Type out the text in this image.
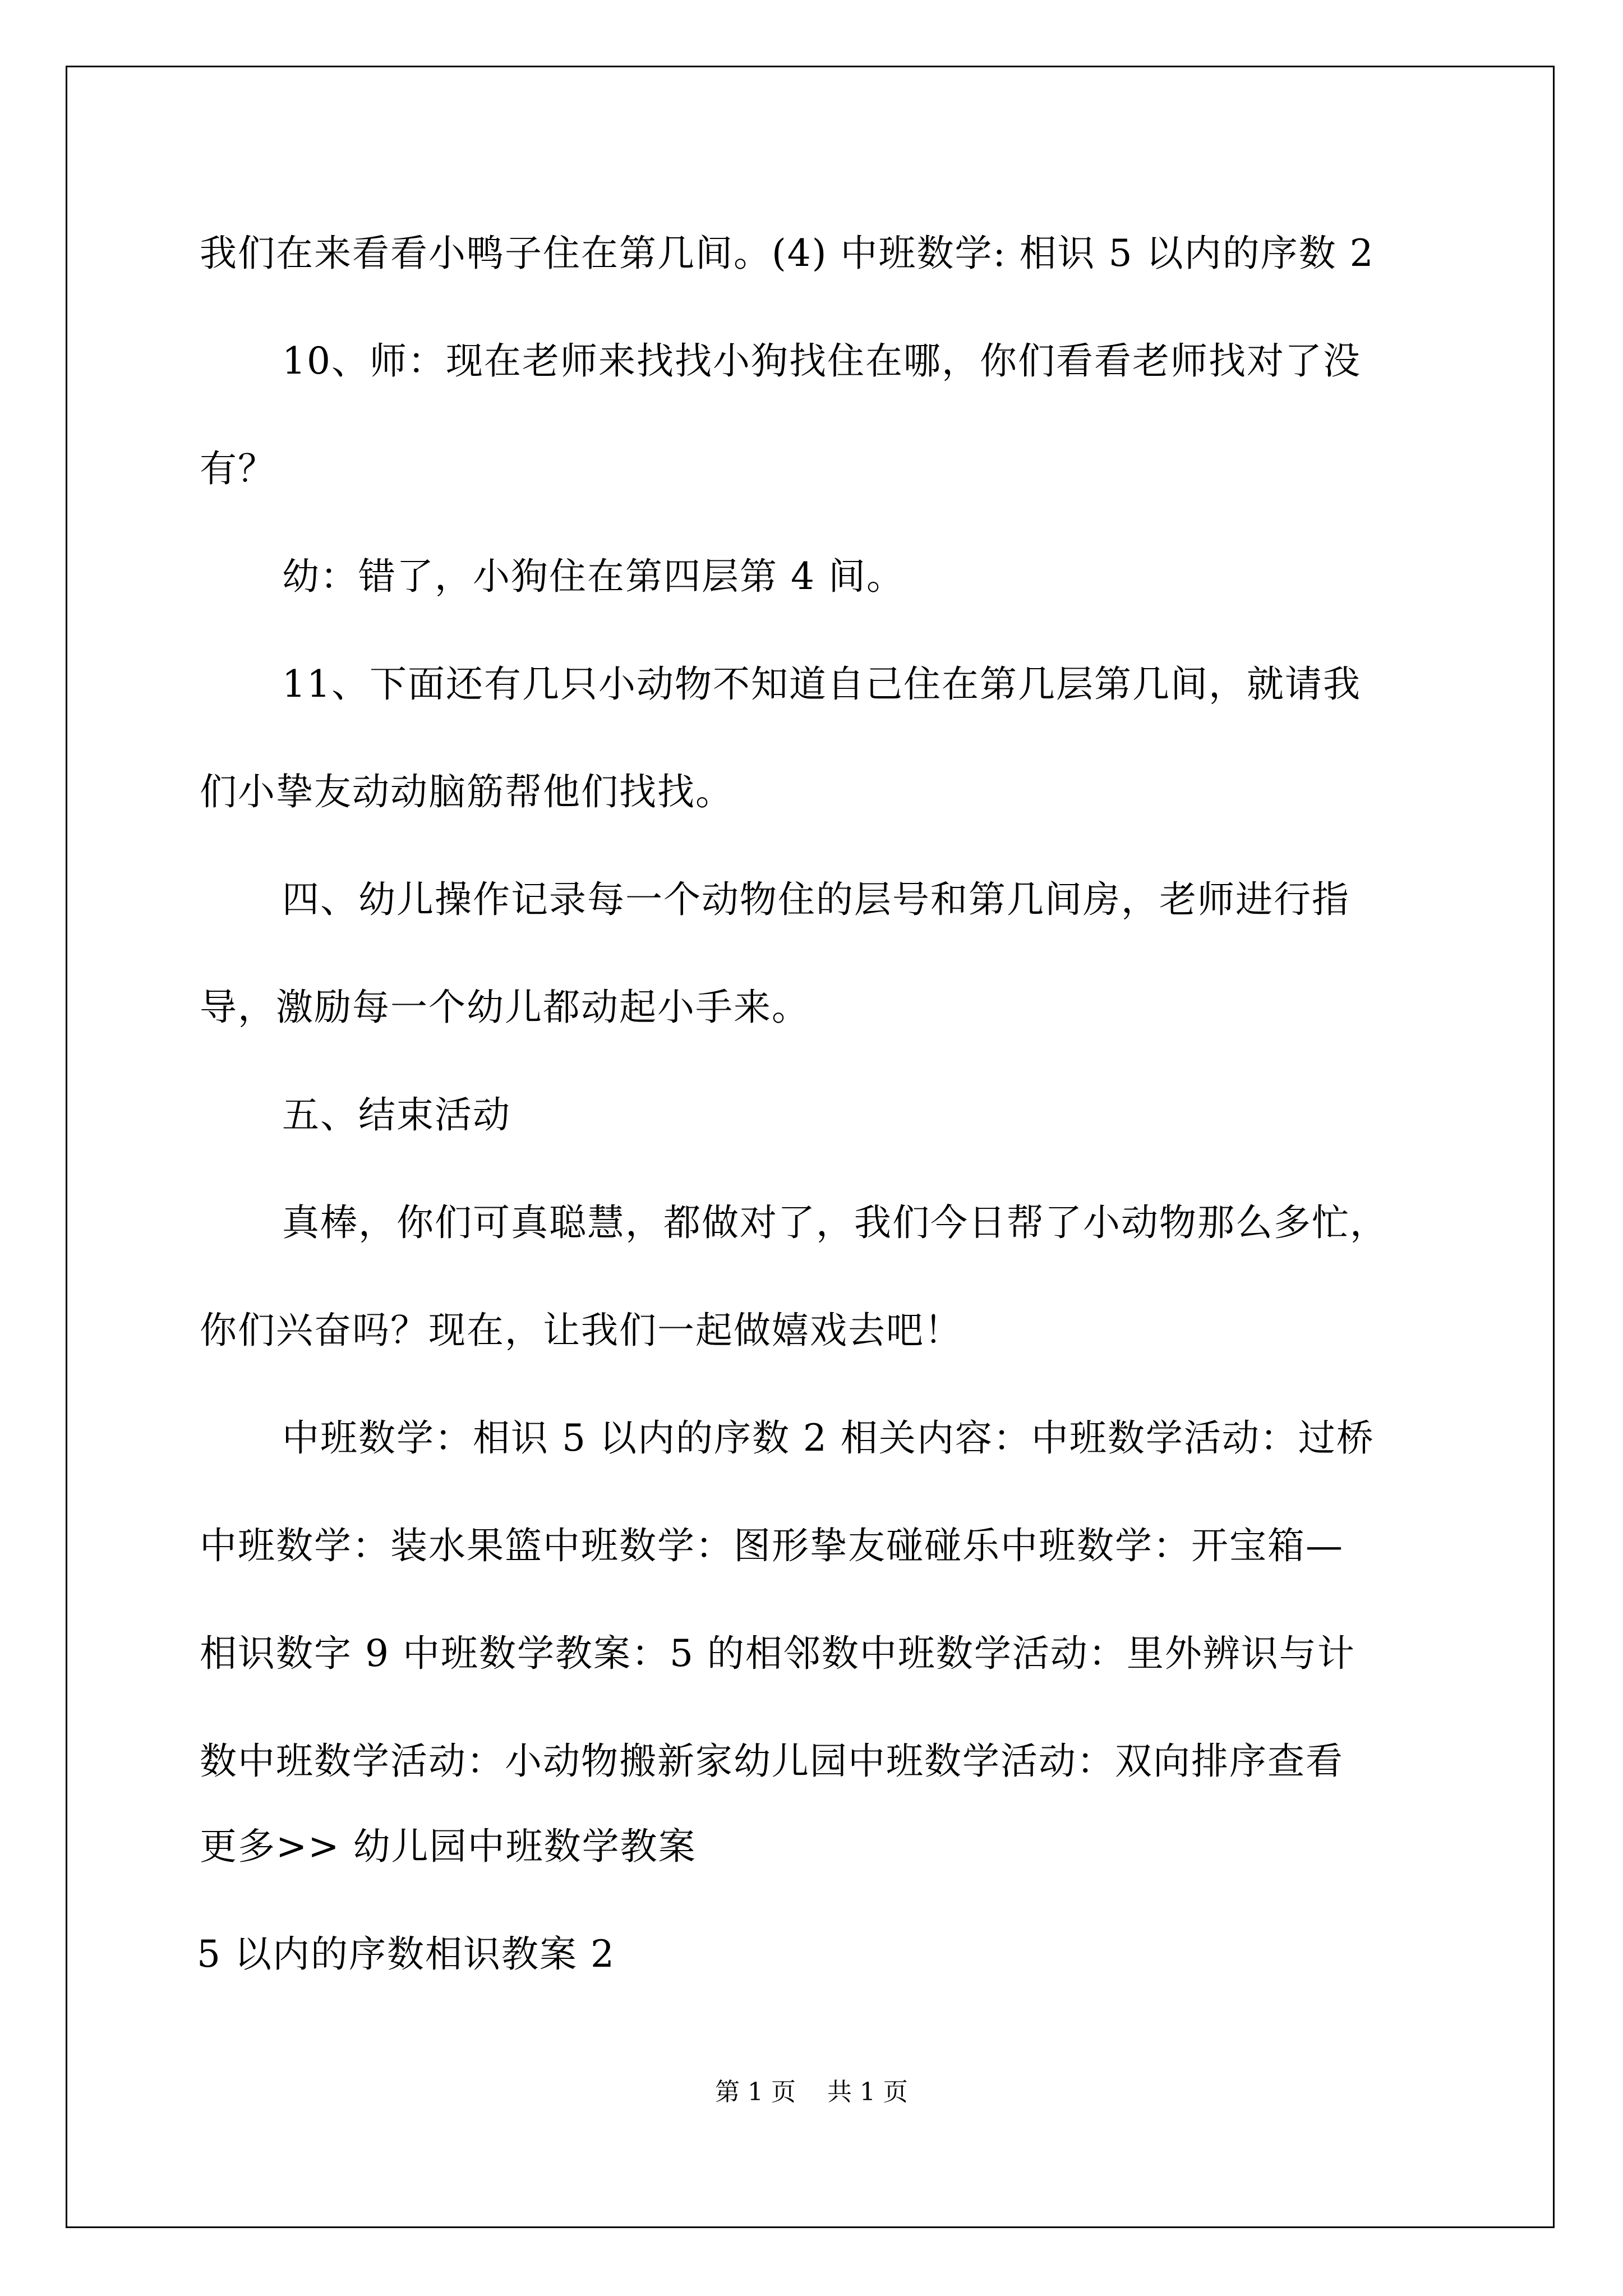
我们在来看看小鸭子住在第几间。(4) 中班数学: 相识 5 以内的序数 2
10、师：现在老师来找找小狗找住在哪，你们看看老师找对了没
有？
幼：错了，小狗住在第四层第 4 间。
11、下面还有几只小动物不知道自己住在第几层第几间，就请我
们小挚友动动脑筋帮他们找找。
四、幼儿操作记录每一个动物住的层号和第几间房，老师进行指
导，激励每一个幼儿都动起小手来。
五、结束活动
真棒，你们可真聪慧，都做对了，我们今日帮了小动物那么多忙，
你们兴奋吗？现在，让我们一起做嬉戏去吧！
中班数学：相识 5 以内的序数 2 相关内容：中班数学活动：过桥
中班数学：装水果篮中班数学：图形挚友碰碰乐中班数学：开宝箱—
相识数字 9 中班数学教案：5 的相邻数中班数学活动：里外辨识与计
数中班数学活动：小动物搬新家幼儿园中班数学活动：双向排序查看
更多>> 幼儿园中班数学教案
5 以内的序数相识教案 2
第 1 页    共 1 页
